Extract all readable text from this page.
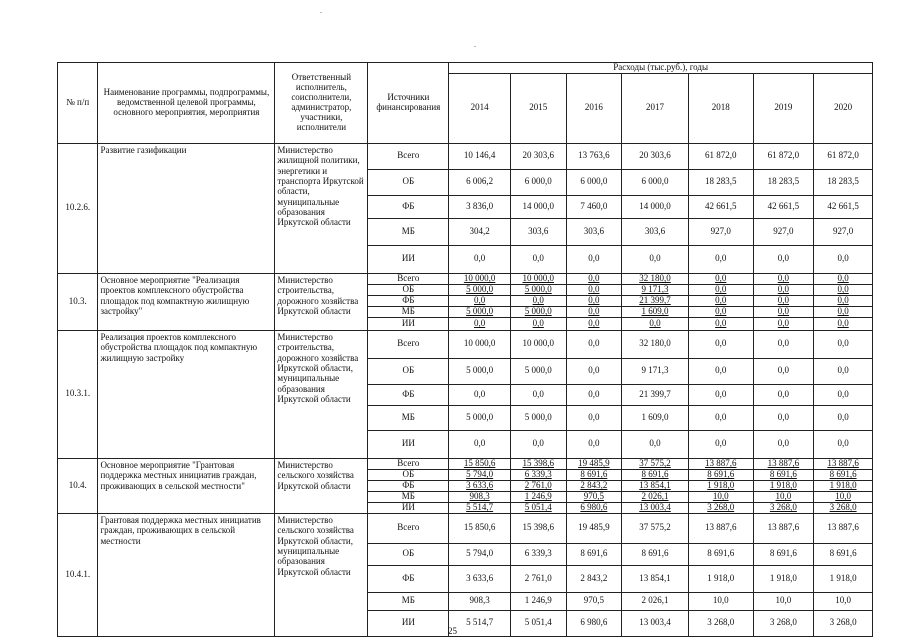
№ п/п	Наименование программы, подпрограммы, ведомственной целевой программы, основного мероприятия, мероприятия	Ответственный исполнитель, соисполнители, администратор, участники, исполнители	Источники финансирования	Расходы (тыс.руб.), годы						
				2014	2015	2016	2017	2018	2019	2020
10.2.6.	Развитие газификации	Министерство жилищной политики, энергетики и транспорта Иркутской области, муниципальные образования Иркутской области	Всего	10 146,4	20 303,6	13 763,6	20 303,6	61 872,0	61 872,0	61 872,0
			ОБ	6 006,2	6 000,0	6 000,0	6 000,0	18 283,5	18 283,5	18 283,5
			ФБ	3 836,0	14 000,0	7 460,0	14 000,0	42 661,5	42 661,5	42 661,5
			МБ	304,2	303,6	303,6	303,6	927,0	927,0	927,0
			ИИ	0,0	0,0	0,0	0,0	0,0	0,0	0,0
10.3.	Основное мероприятие "Реализация проектов комплексного обустройства площадок под компактную жилищную застройку"	Министерство строительства, дорожного хозяйства Иркутской области	Всего	10 000,0	10 000,0	0,0	32 180,0	0,0	0,0	0,0
			ОБ	5 000,0	5 000,0	0,0	9 171,3	0,0	0,0	0,0
			ФБ	0,0	0,0	0,0	21 399,7	0,0	0,0	0,0
			МБ	5 000,0	5 000,0	0,0	1 609,0	0,0	0,0	0,0
			ИИ	0,0	0,0	0,0	0,0	0,0	0,0	0,0
10.3.1.	Реализация проектов комплексного обустройства площадок под компактную жилищную застройку	Министерство строительства, дорожного хозяйства Иркутской области, муниципальные образования Иркутской области	Всего	10 000,0	10 000,0	0,0	32 180,0	0,0	0,0	0,0
			ОБ	5 000,0	5 000,0	0,0	9 171,3	0,0	0,0	0,0
			ФБ	0,0	0,0	0,0	21 399,7	0,0	0,0	0,0
			МБ	5 000,0	5 000,0	0,0	1 609,0	0,0	0,0	0,0
			ИИ	0,0	0,0	0,0	0,0	0,0	0,0	0,0
10.4.	Основное мероприятие "Грантовая поддержка местных инициатив граждан, проживающих в сельской местности"	Министерство сельского хозяйства Иркутской области	Всего	15 850,6	15 398,6	19 485,9	37 575,2	13 887,6	13 887,6	13 887,6
			ОБ	5 794,0	6 339,3	8 691,6	8 691,6	8 691,6	8 691,6	8 691,6
			ФБ	3 633,6	2 761,0	2 843,2	13 854,1	1 918,0	1 918,0	1 918,0
			МБ	908,3	1 246,9	970,5	2 026,1	10,0	10,0	10,0
			ИИ	5 514,7	5 051,4	6 980,6	13 003,4	3 268,0	3 268,0	3 268,0
10.4.1.	Грантовая поддержка местных инициатив граждан, проживающих в сельской местности	Министерство сельского хозяйства Иркутской области, муниципальные образования Иркутской области	Всего	15 850,6	15 398,6	19 485,9	37 575,2	13 887,6	13 887,6	13 887,6
			ОБ	5 794,0	6 339,3	8 691,6	8 691,6	8 691,6	8 691,6	8 691,6
			ФБ	3 633,6	2 761,0	2 843,2	13 854,1	1 918,0	1 918,0	1 918,0
			МБ	908,3	1 246,9	970,5	2 026,1	10,0	10,0	10,0
			ИИ	5 514,7	5 051,4	6 980,6	13 003,4	3 268,0	3 268,0	3 268,0
25
